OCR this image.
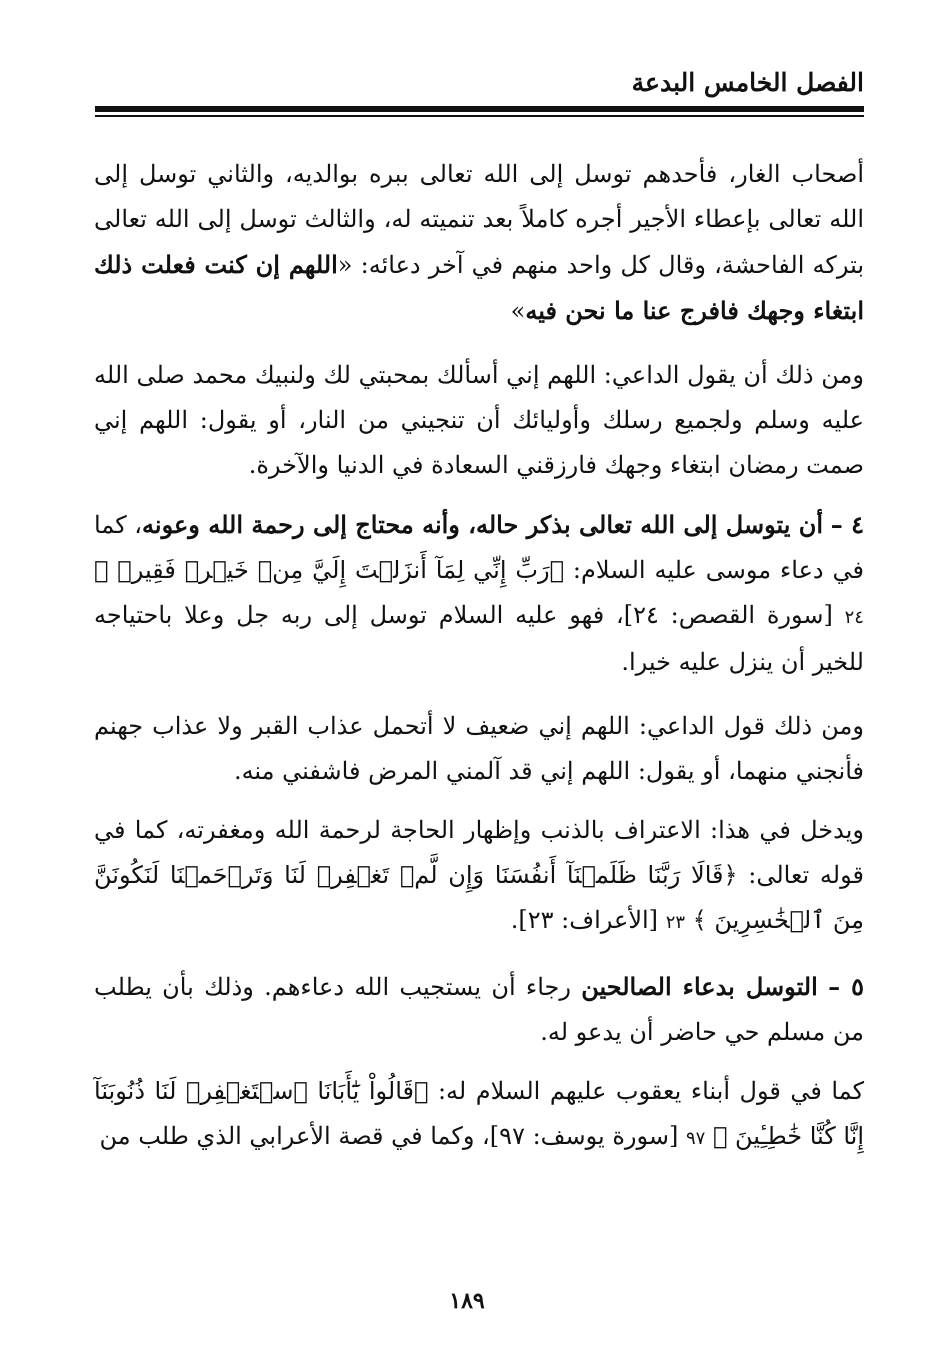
الفصل الخامس البدعة

أصحاب الغار، فأحدهم توسل إلى الله تعالى ببره بوالديه، والثاني توسل إلى الله تعالى بإعطاء الأجير أجره كاملاً بعد تنميته له، والثالث توسل إلى الله تعالى بتركه الفاحشة، وقال كل واحد منهم في آخر دعائه: «اللهم إن كنت فعلت ذلك ابتغاء وجهك فافرج عنا ما نحن فيه»

ومن ذلك أن يقول الداعي: اللهم إني أسألك بمحبتي لك ولنبيك محمد صلى الله عليه وسلم ولجميع رسلك وأوليائك أن تنجيني من النار، أو يقول: اللهم إني صمت رمضان ابتغاء وجهك فارزقني السعادة في الدنيا والآخرة.

٤ – أن يتوسل إلى الله تعالى بذكر حاله، وأنه محتاج إلى رحمة الله وعونه، كما في دعاء موسى عليه السلام: ﴿رَبِّ إِنِّي لِمَآ أَنزَلۡتَ إِلَيَّ مِنۡ خَيۡرٖ فَقِيرٞ ﴾ ٢٤ [سورة القصص: ٢٤]، فهو عليه السلام توسل إلى ربه جل وعلا باحتياجه للخير أن ينزل عليه خيرا.

ومن ذلك قول الداعي: اللهم إني ضعيف لا أتحمل عذاب القبر ولا عذاب جهنم فأنجني منهما، أو يقول: اللهم إني قد آلمني المرض فاشفني منه.

ويدخل في هذا: الاعتراف بالذنب وإظهار الحاجة لرحمة الله ومغفرته، كما في قوله تعالى: ﴿قَالَا رَبَّنَا ظَلَمۡنَآ أَنفُسَنَا وَإِن لَّمۡ تَغۡفِرۡ لَنَا وَتَرۡحَمۡنَا لَنَكُونَنَّ مِنَ ٱلۡخَٰسِرِينَ ﴾ ٢٣ [الأعراف: ٢٣].

٥ – التوسل بدعاء الصالحين رجاء أن يستجيب الله دعاءهم. وذلك بأن يطلب من مسلم حي حاضر أن يدعو له.

كما في قول أبناء يعقوب عليهم السلام له: ﴿قَالُواْ يَٰٓأَبَانَا ٱسۡتَغۡفِرۡ لَنَا ذُنُوبَنَآ إِنَّا كُنَّا خَٰطِـِٔينَ ﴾ ٩٧ [سورة يوسف: ٩٧]، وكما في قصة الأعرابي الذي طلب من

١٨٩
